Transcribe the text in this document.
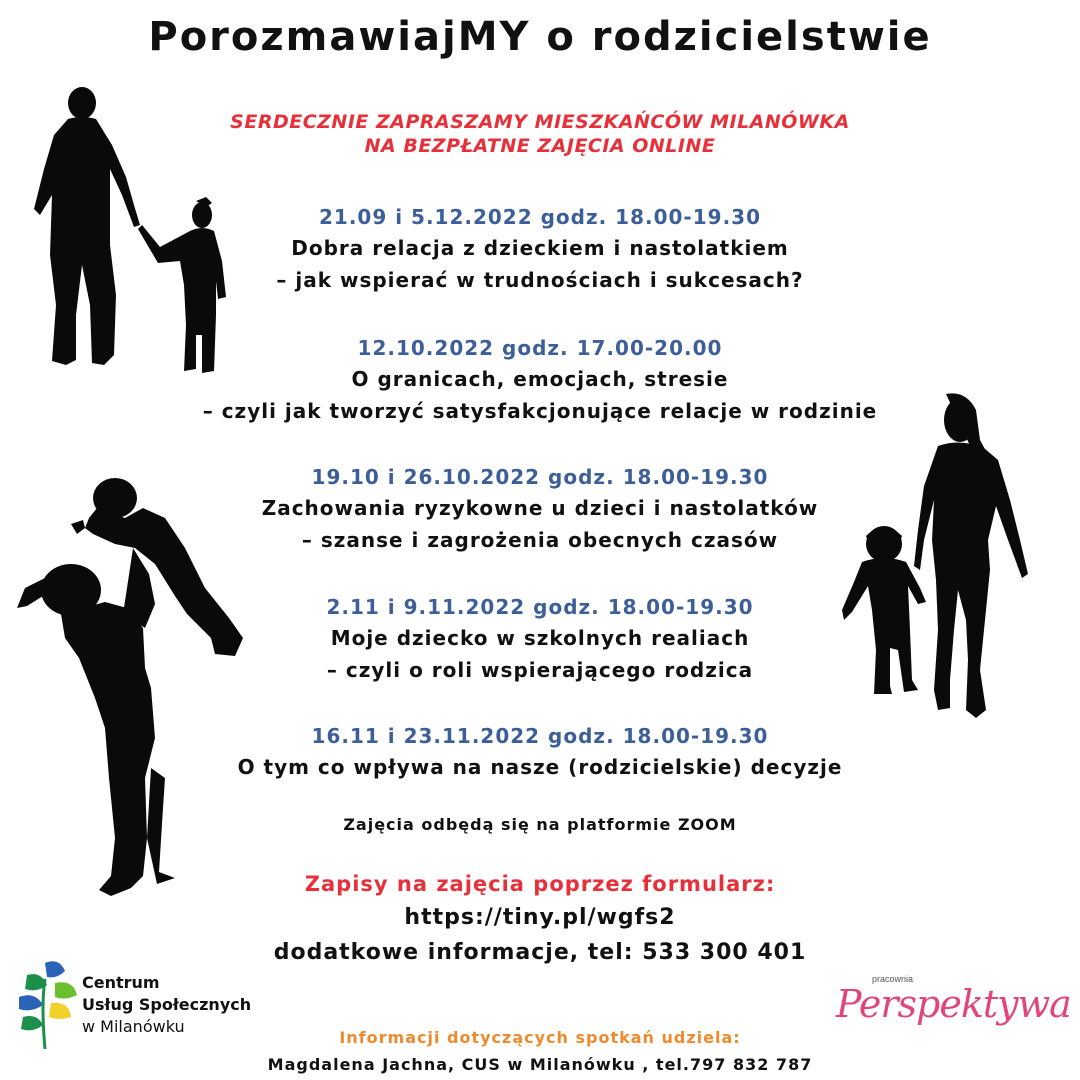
PorozmawiajMY o rodzicielstwie
SERDECZNIE ZAPRASZAMY MIESZKAŃCÓW MILANÓWKA
NA BEZPŁATNE ZAJĘCIA ONLINE
21.09 i 5.12.2022 godz. 18.00-19.30
Dobra relacja z dzieckiem i nastolatkiem
– jak wspierać w trudnościach i sukcesach?
12.10.2022 godz. 17.00-20.00
O granicach, emocjach, stresie
– czyli jak tworzyć satysfakcjonujące relacje w rodzinie
19.10 i 26.10.2022 godz. 18.00-19.30
Zachowania ryzykowne u dzieci i nastolatków
– szanse i zagrożenia obecnych czasów
2.11 i 9.11.2022 godz. 18.00-19.30
Moje dziecko w szkolnych realiach
– czyli o roli wspierającego rodzica
16.11 i 23.11.2022 godz. 18.00-19.30
O tym co wpływa na nasze (rodzicielskie) decyzje
Zajęcia odbędą się na platformie ZOOM
Zapisy na zajęcia poprzez formularz:
https://tiny.pl/wgfs2
dodatkowe informacje, tel: 533 300 401
Informacji dotyczących spotkań udziela:
Magdalena Jachna, CUS w Milanówku , tel.797 832 787
Centrum
Usług Społecznych
w Milanówku
pracownia
Perspektywa
